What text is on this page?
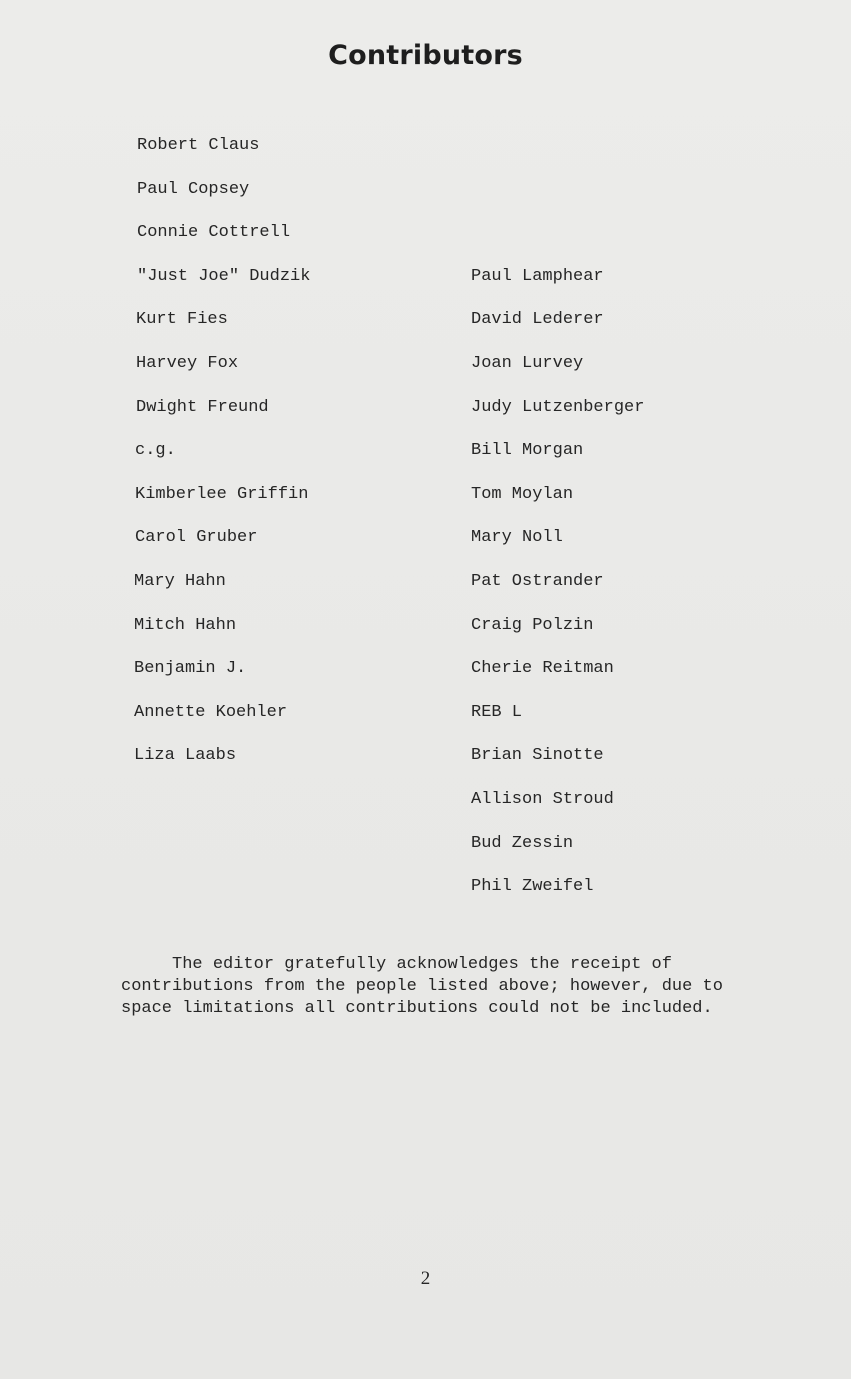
Contributors
Robert Claus
Paul Copsey
Connie Cottrell
"Just Joe" Dudzik
Kurt Fies
Harvey Fox
Dwight Freund
c.g.
Kimberlee Griffin
Carol Gruber
Mary Hahn
Mitch Hahn
Benjamin J.
Annette Koehler
Liza Laabs
Paul Lamphear
David Lederer
Joan Lurvey
Judy Lutzenberger
Bill Morgan
Tom Moylan
Mary Noll
Pat Ostrander
Craig Polzin
Cherie Reitman
REB L
Brian Sinotte
Allison Stroud
Bud Zessin
Phil Zweifel
The editor gratefully acknowledges the receipt of
contributions from the people listed above; however, due to
space limitations all contributions could not be included.
2
